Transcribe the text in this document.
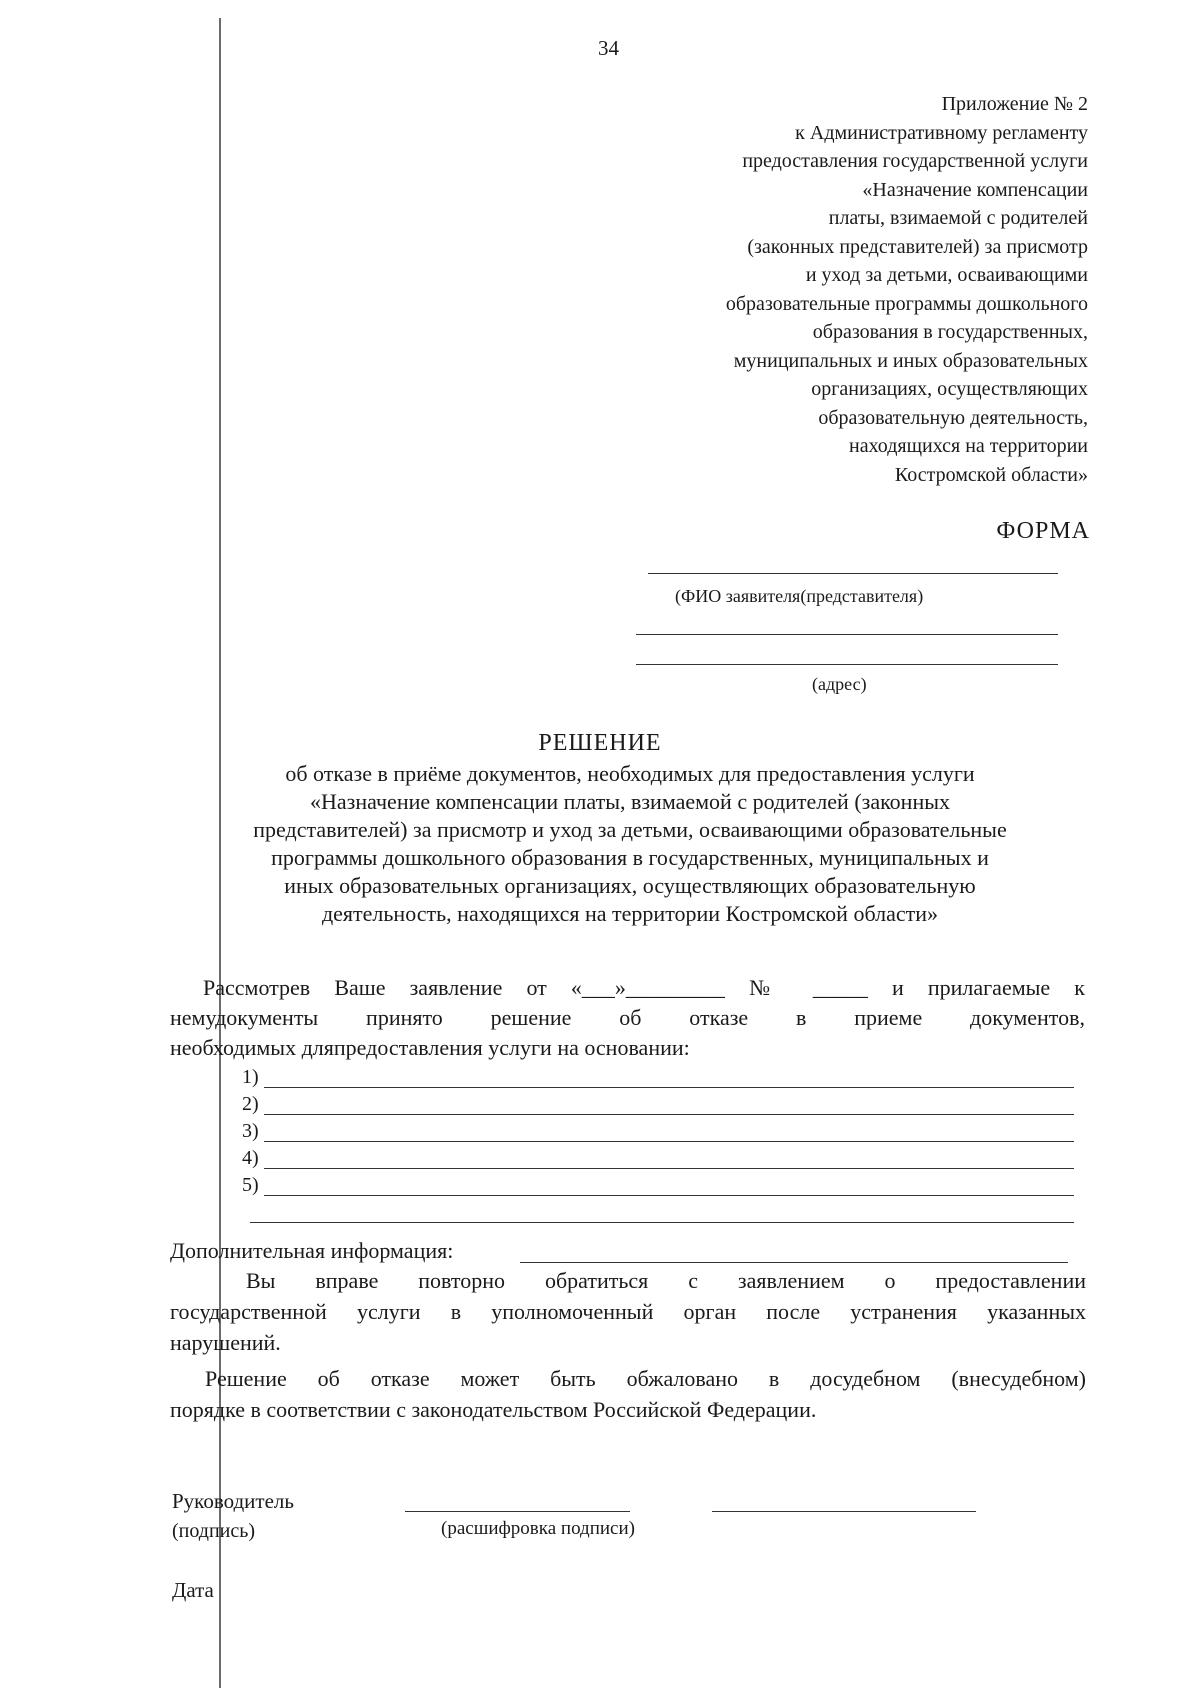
34
Приложение № 2
к Административному регламенту
предоставления государственной услуги
«Назначение компенсации
платы, взимаемой с родителей
(законных представителей) за присмотр
и уход за детьми, осваивающими
образовательные программы дошкольного
образования в государственных,
муниципальных и иных образовательных
организациях, осуществляющих
образовательную деятельность,
находящихся на территории
Костромской области»
ФОРМА
(ФИО заявителя(представителя)
(адрес)
РЕШЕНИЕ
об отказе в приёме документов, необходимых для предоставления услуги
«Назначение компенсации платы, взимаемой с родителей (законных
представителей) за присмотр и уход за детьми, осваивающими образовательные
программы дошкольного образования в государственных, муниципальных и
иных образовательных организациях, осуществляющих образовательную
деятельность, находящихся на территории Костромской области»
Рассмотрев Ваше заявление от «___»_________ № _____ и прилагаемые к
немудокументы принято решение об отказе в приеме документов,
необходимых дляпредоставления услуги на основании:
1)
2)
3)
4)
5)
Дополнительная информация:
Вы вправе повторно обратиться с заявлением о предоставлении
государственной услуги в уполномоченный орган после устранения указанных
нарушений.
Решение об отказе может быть обжаловано в досудебном (внесудебном)
порядке в соответствии с законодательством Российской Федерации.
Руководитель
(подпись)	(расшифровка подписи)
Дата
